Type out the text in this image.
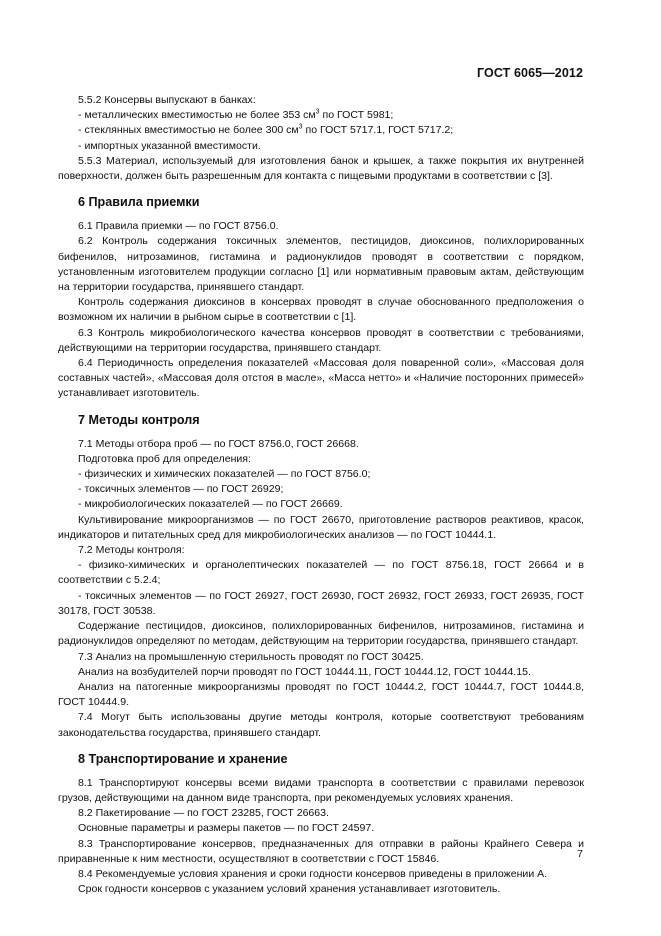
ГОСТ 6065—2012

5.5.2 Консервы выпускают в банках:

- металлических вместимостью не более 353 $см^3$ по ГОСТ 5981;

- стеклянных вместимостью не более 300 $см^3$ по ГОСТ 5717.1, ГОСТ 5717.2;

- импортных указанной вместимости.

5.5.3 Материал, используемый для изготовления банок и крышек, а также покрытия их внутренней поверхности, должен быть разрешенным для контакта с пищевыми продуктами в соответствии с [3].

6 Правила приемки

6.1 Правила приемки — по ГОСТ 8756.0.

6.2 Контроль содержания токсичных элементов, пестицидов, диоксинов, полихлорированных бифенилов, нитрозаминов, гистамина и радионуклидов проводят в соответствии с порядком, установленным изготовителем продукции согласно [1] или нормативным правовым актам, действующим на территории государства, принявшего стандарт.

Контроль содержания диоксинов в консервах проводят в случае обоснованного предположения о возможном их наличии в рыбном сырье в соответствии с [1].

6.3 Контроль микробиологического качества консервов проводят в соответствии с требованиями, действующими на территории государства, принявшего стандарт.

6.4 Периодичность определения показателей «Массовая доля поваренной соли», «Массовая доля составных частей», «Массовая доля отстоя в масле», «Масса нетто» и «Наличие посторонних примесей» устанавливает изготовитель.

7 Методы контроля

7.1 Методы отбора проб — по ГОСТ 8756.0, ГОСТ 26668.

Подготовка проб для определения:

- физических и химических показателей — по ГОСТ 8756.0;

- токсичных элементов — по ГОСТ 26929;

- микробиологических показателей — по ГОСТ 26669.

Культивирование микроорганизмов — по ГОСТ 26670, приготовление растворов реактивов, красок, индикаторов и питательных сред для микробиологических анализов — по ГОСТ 10444.1.

7.2 Методы контроля:

- физико-химических и органолептических показателей — по ГОСТ 8756.18, ГОСТ 26664 и в соответствии с 5.2.4;

- токсичных элементов — по ГОСТ 26927, ГОСТ 26930, ГОСТ 26932, ГОСТ 26933, ГОСТ 26935, ГОСТ 30178, ГОСТ 30538.

Содержание пестицидов, диоксинов, полихлорированных бифенилов, нитрозаминов, гистамина и радионуклидов определяют по методам, действующим на территории государства, принявшего стандарт.

7.3 Анализ на промышленную стерильность проводят по ГОСТ 30425.

Анализ на возбудителей порчи проводят по ГОСТ 10444.11, ГОСТ 10444.12, ГОСТ 10444.15.

Анализ на патогенные микроорганизмы проводят по ГОСТ 10444.2, ГОСТ 10444.7, ГОСТ 10444.8, ГОСТ 10444.9.

7.4 Могут быть использованы другие методы контроля, которые соответствуют требованиям законодательства государства, принявшего стандарт.

8 Транспортирование и хранение

8.1 Транспортируют консервы всеми видами транспорта в соответствии с правилами перевозок грузов, действующими на данном виде транспорта, при рекомендуемых условиях хранения.

8.2 Пакетирование — по ГОСТ 23285, ГОСТ 26663.

Основные параметры и размеры пакетов — по ГОСТ 24597.

8.3 Транспортирование консервов, предназначенных для отправки в районы Крайнего Севера и приравненные к ним местности, осуществляют в соответствии с ГОСТ 15846.

8.4 Рекомендуемые условия хранения и сроки годности консервов приведены в приложении А.

Срок годности консервов с указанием условий хранения устанавливает изготовитель.

7
